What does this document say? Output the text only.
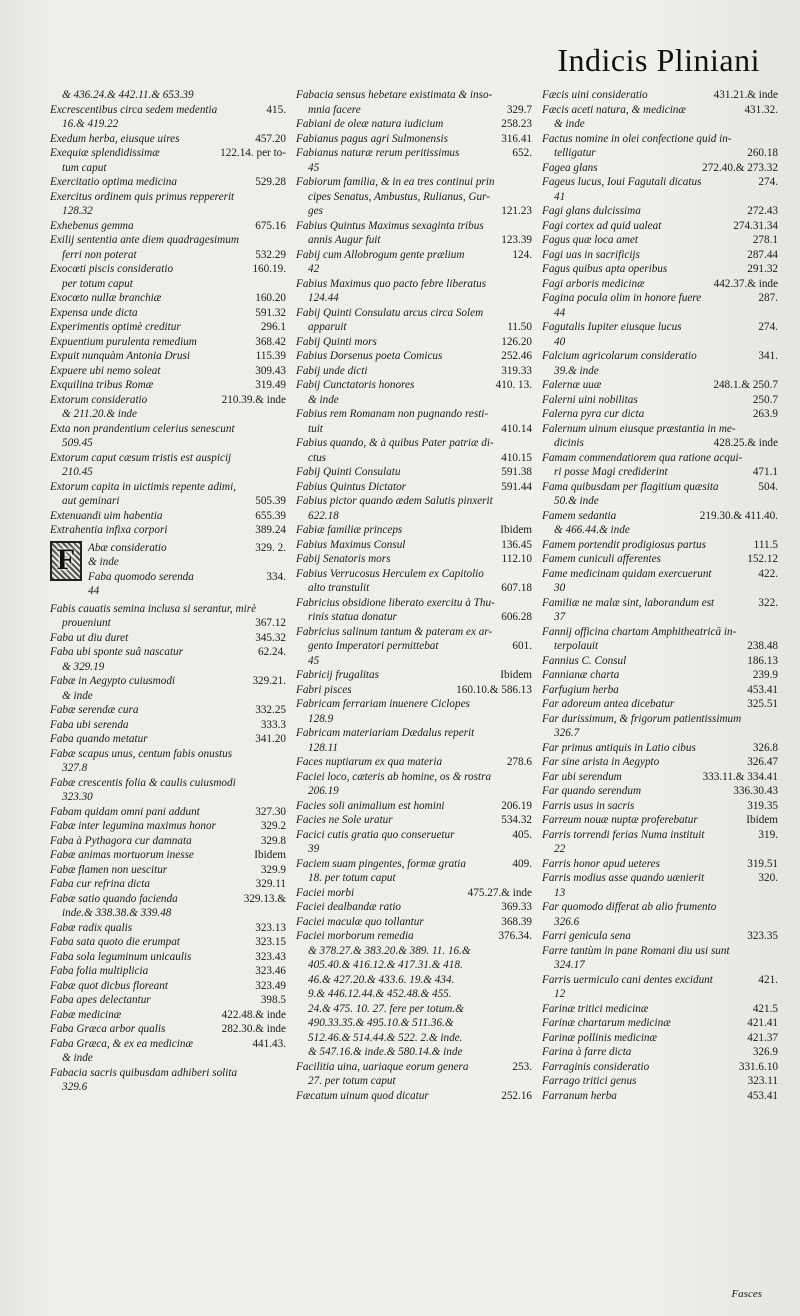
Indicis Pliniani
& 436.24.& 442.11.& 653.39
Excrescentibus circa sedem medentia	415.
16.& 419.22
Exedum herba, eiusque uires	457.20
Exequiæ splendidissimæ	122.14. per to-
tum caput
Exercitatio optima medicina	529.28
Exercitus ordinem quis primus reppererit
128.32
Exhebenus gemma	675.16
Exilij sententia ante diem quadragesimum
ferri non poterat	532.29
Exocœti piscis consideratio	160.19.
per totum caput
Exocœto nullæ branchiæ	160.20
Expensa unde dicta	591.32
Experimentis optimè creditur	296.1
Expuentium purulenta remedium	368.42
Expuit nunquàm Antonia Drusi	115.39
Expuere ubi nemo soleat	309.43
Exquilina tribus Romæ	319.49
Extorum consideratio	210.39.& inde
& 211.20.& inde
Exta non prandentium celerius senescunt
509.45
Extorum caput cæsum tristis est auspicij
210.45
Extorum capita in uictimis repente adimi,
aut geminari	505.39
Extenuandi uim habentia	655.39
Extrahentia infixa corpori	389.24
F	Abæ consideratio	329. 2.
& inde
Faba quomodo serenda	334.
44
Fabis cauatis semina inclusa si serantur, mirè
proueniunt	367.12
Faba ut diu duret	345.32
Faba ubi sponte suâ nascatur	62.24.
& 329.19
Fabæ in Aegypto cuiusmodi	329.21.
& inde
Fabæ serendæ cura	332.25
Faba ubi serenda	333.3
Faba quando metatur	341.20
Fabæ scapus unus, centum fabis onustus
327.8
Fabæ crescentis folia & caulis cuiusmodi
323.30
Fabam quidam omni pani addunt	327.30
Fabæ inter legumina maximus honor	329.2
Faba à Pythagora cur damnata	329.8
Fabæ animas mortuorum inesse	Ibidem
Fabæ flamen non uescitur	329.9
Faba cur refrina dicta	329.11
Fabæ satio quando facienda	329.13.&
inde.& 338.38.& 339.48
Fabæ radix qualis	323.13
Faba sata quoto die erumpat	323.15
Faba sola leguminum unicaulis	323.43
Faba folia multiplicia	323.46
Fabæ quot dicbus floreant	323.49
Faba apes delectantur	398.5
Fabæ medicinæ	422.48.& inde
Faba Græca arbor qualis	282.30.& inde
Faba Græca, & ex ea medicinæ	441.43.
& inde
Fabacia sacris quibusdam adhiberi solita
329.6
Fabacia sensus hebetare existimata & inso-
mnia facere	329.7
Fabiani de oleæ natura iudicium	258.23
Fabianus pagus agri Sulmonensis	316.41
Fabianus naturæ rerum peritissimus	652.
45
Fabiorum familia, & in ea tres continui prin
cipes Senatus, Ambustus, Rulianus, Gur-
ges	121.23
Fabius Quintus Maximus sexaginta tribus
annis Augur fuit	123.39
Fabij cum Allobrogum gente prælium	124.
42
Fabius Maximus quo pacto febre liberatus
124.44
Fabij Quinti Consulatu arcus circa Solem
apparuit	11.50
Fabij Quinti mors	126.20
Fabius Dorsenus poeta Comicus	252.46
Fabij unde dicti	319.33
Fabij Cunctatoris honores	410. 13.
& inde
Fabius rem Romanam non pugnando resti-
tuit	410.14
Fabius quando, & à quibus Pater patriæ di-
ctus	410.15
Fabij Quinti Consulatu	591.38
Fabius Quintus Dictator	591.44
Fabius pictor quando ædem Salutis pinxerit
622.18
Fabiæ familiæ princeps	Ibidem
Fabius Maximus Consul	136.45
Fabij Senatoris mors	112.10
Fabius Verrucosus Herculem ex Capitolio
alto transtulit	607.18
Fabricius obsidione liberato exercitu à Thu-
rinis statua donatur	606.28
Fabricius salinum tantum & pateram ex ar-
gento Imperatori permittebat	601.
45
Fabricij frugalitas	Ibidem
Fabri pisces	160.10.& 586.13
Fabricam ferrariam inuenere Ciclopes
128.9
Fabricam materiariam Dædalus reperit
128.11
Faces nuptiarum ex qua materia	278.6
Faciei loco, cæteris ab homine, os & rostra
206.19
Facies soli animalium est homini	206.19
Facies ne Sole uratur	534.32
Facici cutis gratia quo conseruetur	405.
39
Faciem suam pingentes, formæ gratia	409.
18. per totum caput
Faciei morbi	475.27.& inde
Faciei dealbandæ ratio	369.33
Faciei maculæ quo tollantur	368.39
Faciei morborum remedia	376.34.
& 378.27.& 383.20.& 389. 11. 16.&
405.40.& 416.12.& 417.31.& 418.
46.& 427.20.& 433.6. 19.& 434.
9.& 446.12.44.& 452.48.& 455.
24.& 475. 10. 27. fere per totum.&
490.33.35.& 495.10.& 511.36.&
512.46.& 514.44.& 522. 2.& inde.
& 547.16.& inde.& 580.14.& inde
Facilitia uina, uariaque eorum genera	253.
27. per totum caput
Fæcatum uinum quod dicatur	252.16
Fæcis uini consideratio	431.21.& inde
Fæcis aceti natura, & medicinæ	431.32.
& inde
Factus nomine in olei confectione quid in-
telligatur	260.18
Fagea glans	272.40.& 273.32
Fageus lucus, Ioui Fagutali dicatus	274.
41
Fagi glans dulcissima	272.43
Fagi cortex ad quid ualeat	274.31.34
Fagus quæ loca amet	278.1
Fagi uas in sacrificijs	287.44
Fagus quibus apta operibus	291.32
Fagi arboris medicinæ	442.37.& inde
Fagina pocula olim in honore fuere	287.
44
Fagutalis Iupiter eiusque lucus	274.
40
Falcium agricolarum consideratio	341.
39.& inde
Falernæ uuæ	248.1.& 250.7
Falerni uini nobilitas	250.7
Falerna pyra cur dicta	263.9
Falernum uinum eiusque præstantia in me-
dicinis	428.25.& inde
Famam commendatiorem qua ratione acqui-
ri posse Magi crediderint	471.1
Fama quibusdam per flagitium quæsita	504.
50.& inde
Famem sedantia	219.30.& 411.40.
& 466.44.& inde
Famem portendit prodigiosus partus	111.5
Famem cuniculi afferentes	152.12
Fame medicinam quidam exercuerunt	422.
30
Familiæ ne malæ sint, laborandum est	322.
37
Fannij officina chartam Amphitheatricā in-
terpolauit	238.48
Fannius C. Consul	186.13
Fannianæ charta	239.9
Farfugium herba	453.41
Far adoreum antea dicebatur	325.51
Far durissimum, & frigorum patientissimum
326.7
Far primus antiquis in Latio cibus	326.8
Far sine arista in Aegypto	326.47
Far ubi serendum	333.11.& 334.41
Far quando serendum	336.30.43
Farris usus in sacris	319.35
Farreum nouæ nuptæ proferebatur	Ibidem
Farris torrendi ferias Numa instituit	319.
22
Farris honor apud ueteres	319.51
Farris modius asse quando uænierit	320.
13
Far quomodo differat ab alio frumento
326.6
Farri genicula sena	323.35
Farre tantùm in pane Romani diu usi sunt
324.17
Farris uermiculo cani dentes excidunt	421.
12
Farinæ tritici medicinæ	421.5
Farinæ chartarum medicinæ	421.41
Farinæ pollinis medicinæ	421.37
Farina à farre dicta	326.9
Farraginis consideratio	331.6.10
Farrago tritici genus	323.11
Farranum herba	453.41
Fasces
